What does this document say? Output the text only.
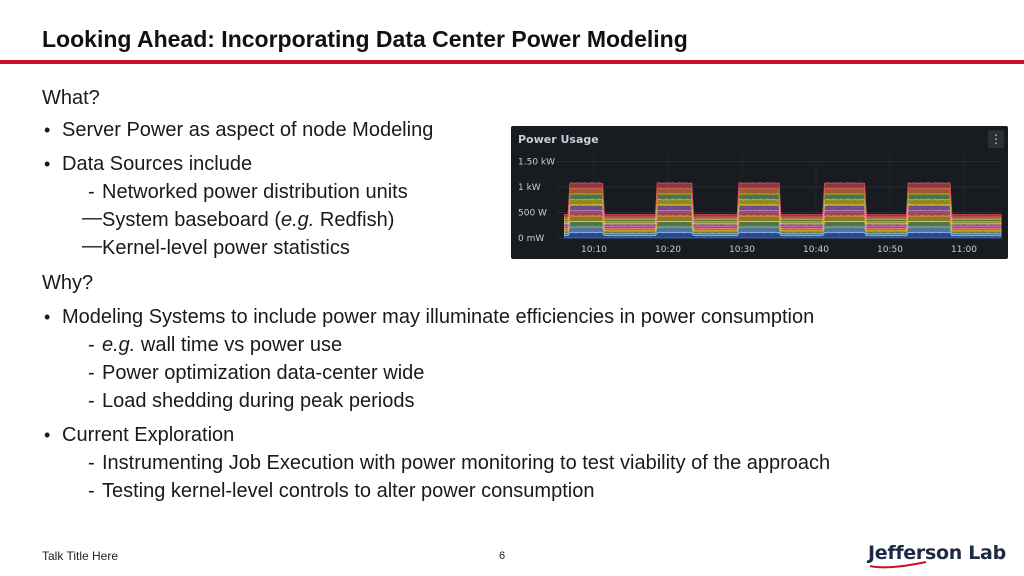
Looking Ahead: Incorporating Data Center Power Modeling
What?
• Server Power as aspect of node Modeling
• Data Sources include
- Networked power distribution units
— System baseboard (e.g. Redfish)
— Kernel-level power statistics
Why?
• Modeling Systems to include power may illuminate efficiencies in power consumption
- e.g. wall time vs power use
- Power optimization data-center wide
- Load shedding during peak periods
• Current Exploration
- Instrumenting Job Execution with power monitoring to test viability of the approach
- Testing kernel-level controls to alter power consumption
1.50 kW
1 kW
500 W
0 mW
10:10	10:20	10:30	10:40	10:50	11:00
Power Usage	⋮
Talk Title Here	6	Jefferson Lab
